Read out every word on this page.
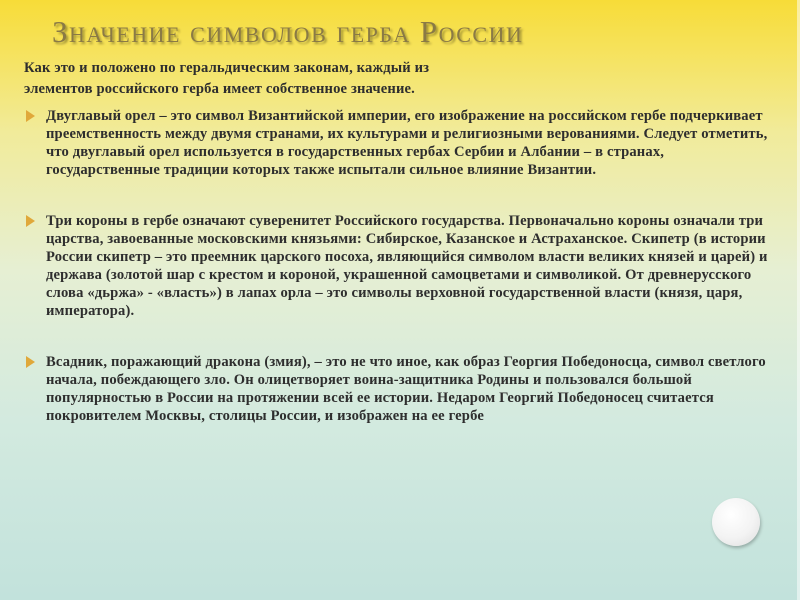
Значение символов герба России

Как это и положено по геральдическим законам, каждый из

элементов российского герба имеет собственное значение.

Двуглавый орел – это символ Византийской империи, его изображение на российском гербе подчеркивает преемственность между двумя странами, их культурами и религиозными верованиями. Следует отметить, что двуглавый орел используется в государственных гербах Сербии и Албании – в странах, государственные традиции которых также испытали сильное влияние Византии.

Три короны в гербе означают суверенитет Российского государства. Первоначально короны означали три царства, завоеванные московскими князьями: Сибирское, Казанское и Астраханское. Скипетр (в истории России скипетр – это преемник царского посоха, являющийся символом власти великих князей и царей) и держава (золотой шар с крестом и короной, украшенной самоцветами и символикой. От древнерусского слова «дьржа» - «власть») в лапах орла – это символы верховной государственной власти (князя, царя, императора).

Всадник, поражающий дракона (змия), – это не что иное, как образ Георгия Победоносца, символ светлого начала, побеждающего зло. Он олицетворяет воина-защитника Родины и пользовался большой популярностью в России на протяжении всей ее истории. Недаром Георгий Победоносец считается покровителем Москвы, столицы России, и изображен на ее гербе
